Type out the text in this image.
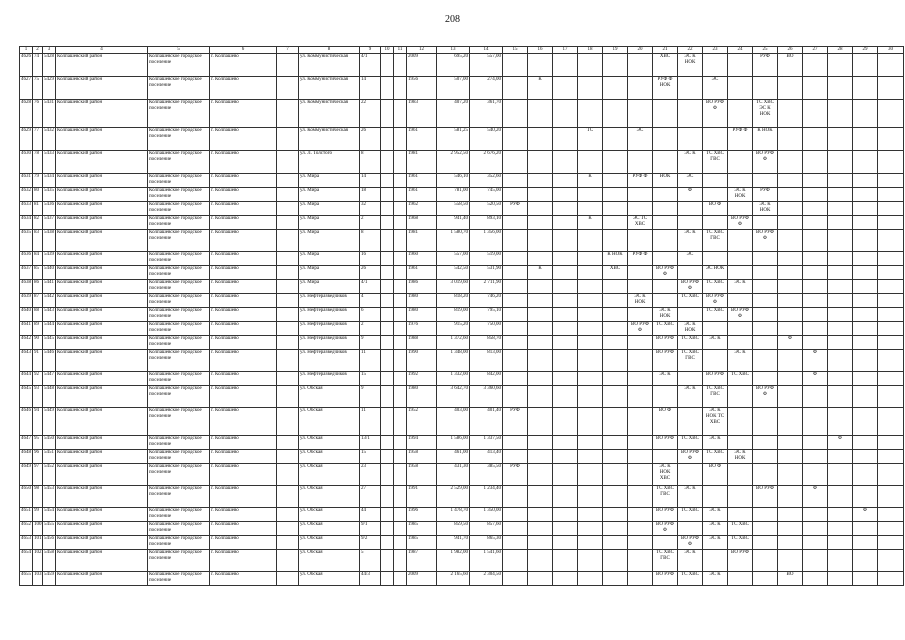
208
1	2	3	4	5	6	7	8	9	10	11	12	13	14	15	16	17	18	19	20	21	22	23	24	25	26	27	28	29	30
4626	74	5428	Колпашевский район	Колпашевское городское поселение	г. Колпашево		ул. Коммунистическая	4/1			2009	695,20	557,00							ХВС	ЭС К НОК			РУФ	ВО				
4627	75	5429	Колпашевский район	Колпашевское городское поселение	г. Колпашево		ул. Коммунистическая	14			1956	507,00	274,00		К					РУФ Ф НОК		ЭС							
4628	76	5431	Колпашевский район	Колпашевское городское поселение	г. Колпашево		ул. Коммунистическая	22			1983	407,20	361,70									ВО РУФ Ф		ТС ХВС ЭС К НОК					
4629	77	5432	Колпашевский район	Колпашевское городское поселение	г. Колпашево		ул. Коммунистическая	26			1961	581,25	540,20				ТС		ЭС				РУФ Ф	К НОК					
4630	78	5433	Колпашевский район	Колпашевское городское поселение	г. Колпашево		ул. Л. Толстого	8			1981	2 952,50	2 676,20								ЭС К	ТС ХВС ГВС		ВО РУФ Ф					
4631	79	5434	Колпашевский район	Колпашевское городское поселение	г. Колпашево		ул. Мира	14			1961	546,10	352,60				К		РУФ Ф	НОК	ЭС								
4632	80	5435	Колпашевский район	Колпашевское городское поселение	г. Колпашево		ул. Мира	18			1961	781,00	745,00								Ф		ЭС К НОК	РУФ					
4633	81	5436	Колпашевский район	Колпашевское городское поселение	г. Колпашево		ул. Мира	32			1962	558,50	520,50	РУФ								ВО Ф		ЭС К НОК					
4634	82	5437	Колпашевский район	Колпашевское городское поселение	г. Колпашево		ул. Мира	2			1968	941,40	893,10				К		ЭС ТС ХВС				ВО РУФ Ф						
4635	83	5438	Колпашевский район	Колпашевское городское поселение	г. Колпашево		ул. Мира	8			1981	1 580,70	1 356,00								ЭС К	ТС ХВС ГВС		ВО РУФ Ф					
4636	84	5439	Колпашевский район	Колпашевское городское поселение	г. Колпашево		ул. Мира	16			1960	557,00	519,00					К НОК	РУФ Ф		ЭС								
4637	85	5440	Колпашевский район	Колпашевское городское поселение	г. Колпашево		ул. Мира	26			1961	542,50	531,90		К			ХВС		ВО РУФ Ф		ЭС НОК							
4638	86	5441	Колпашевский район	Колпашевское городское поселение	г. Колпашево		ул. Мира	4/1			1986	3 019,60	2 711,90								ВО РУФ Ф	ТС ХВС	ЭС К						
4639	87	5442	Колпашевский район	Колпашевское городское поселение	г. Колпашево		ул. Нефтеразведчиков	4			1980	818,20	746,20						ЭС К НОК		ТС ХВС	ВО РУФ Ф							
4640	88	5443	Колпашевский район	Колпашевское городское поселение	г. Колпашево		ул. Нефтеразведчиков	6			1980	819,00	795,10							ЭС К НОК		ТС ХВС	ВО РУФ Ф						
4641	89	5444	Колпашевский район	Колпашевское городское поселение	г. Колпашево		ул. Нефтеразведчиков	2			1976	915,20	750,00						ВО РУФ Ф	ТС ХВС	ЭС К НОК								
4642	90	5445	Колпашевский район	Колпашевское городское поселение	г. Колпашево		ул. Нефтеразведчиков	9			1988	1 372,60	858,70							ВО РУФ	ТС ХВС	ЭС К			Ф				
4643	91	5446	Колпашевский район	Колпашевское городское поселение	г. Колпашево		ул. Нефтеразведчиков	11			1990	1 348,00	813,00							ВО РУФ	ТС ХВС ГВС		ЭС К			Ф			
4644	92	5447	Колпашевский район	Колпашевское городское поселение	г. Колпашево		ул. Нефтеразведчиков	15			1992	1 332,00	842,00							ЭС К		ВО РУФ	ТС ХВС			Ф			
4645	93	5448	Колпашевский район	Колпашевское городское поселение	г. Колпашево		ул. Обская	9			1980	3 642,70	3 360,60								ЭС К	ТС ХВС ГВС		ВО РУФ Ф					
4646	94	5449	Колпашевский район	Колпашевское городское поселение	г. Колпашево		ул. Обская	11			1952	403,00	401,40	РУФ						ВО Ф		ЭС К НОК ТС ХВС							
4647	95	5450	Колпашевский район	Колпашевское городское поселение	г. Колпашево		ул. Обская	13/1			1994	1 586,00	1 337,50							ВО РУФ	ТС ХВС	ЭС К					Ф		
4648	96	5451	Колпашевский район	Колпашевское городское поселение	г. Колпашево		ул. Обская	15			1958	461,00	413,40								ВО РУФ Ф	ТС ХВС	ЭС К НОК						
4649	97	5452	Колпашевский район	Колпашевское городское поселение	г. Колпашево		ул. Обская	23			1958	431,30	385,50	РУФ						ЭС К НОК ХВС		ВО Ф							
4650	98	5453	Колпашевский район	Колпашевское городское поселение	г. Колпашево		ул. Обская	27			1991	2 529,00	1 234,40							ТС ХВС ГВС	ЭС К			ВО РУФ		Ф			
4651	99	5454	Колпашевский район	Колпашевское городское поселение	г. Колпашево		ул. Обская	44			1996	1 478,70	1 350,00							ВО РУФ	ТС ХВС	ЭС К						Ф	
4652	100	5455	Колпашевский район	Колпашевское городское поселение	г. Колпашево		ул. Обская	9/1			1985	859,50	857,60							ВО РУФ Ф		ЭС К	ТС ХВС						
4653	101	5456	Колпашевский район	Колпашевское городское поселение	г. Колпашево		ул. Обская	9/2			1985	941,70	865,30								ВО РУФ Ф	ЭС К	ТС ХВС						
4654	102	5458	Колпашевский район	Колпашевское городское поселение	г. Колпашево		ул. Обская	5			1987	1 982,00	1 541,60							ТС ХВС ГВС	ЭС К		ВО РУФ						
4655	103	5459	Колпашевский район	Колпашевское городское поселение	г. Колпашево		ул. Обская	44/3			2009	2 165,60	2 304,50							ВО РУФ	ТС ХВС	ЭС К			ВО				
